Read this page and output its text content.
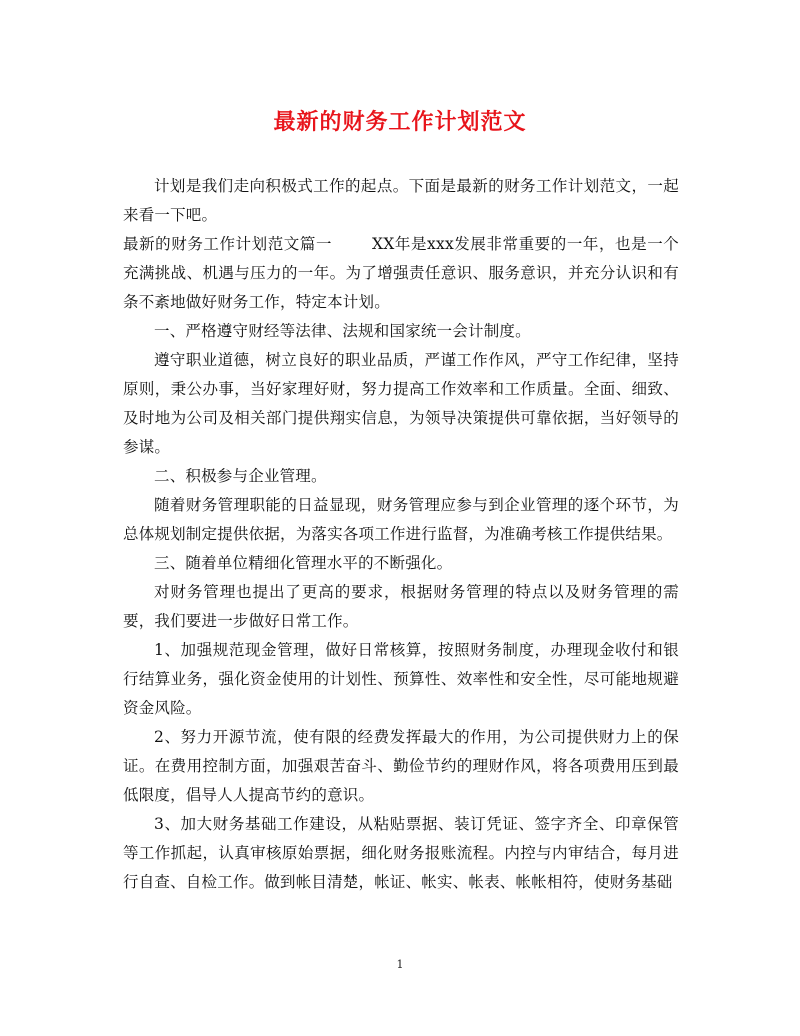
最新的财务工作计划范文

计划是我们走向积极式工作的起点。下面是最新的财务工作计划范文，一起来看一下吧。

最新的财务工作计划范文篇一	XX年是xxx发展非常重要的一年，也是一个充满挑战、机遇与压力的一年。为了增强责任意识、服务意识，并充分认识和有条不紊地做好财务工作，特定本计划。

一、严格遵守财经等法律、法规和国家统一会计制度。

遵守职业道德，树立良好的职业品质，严谨工作作风，严守工作纪律，坚持原则，秉公办事，当好家理好财，努力提高工作效率和工作质量。全面、细致、及时地为公司及相关部门提供翔实信息，为领导决策提供可靠依据，当好领导的参谋。

二、积极参与企业管理。

随着财务管理职能的日益显现，财务管理应参与到企业管理的逐个环节，为总体规划制定提供依据，为落实各项工作进行监督，为准确考核工作提供结果。

三、随着单位精细化管理水平的不断强化。

对财务管理也提出了更高的要求，根据财务管理的特点以及财务管理的需要，我们要进一步做好日常工作。

1、加强规范现金管理，做好日常核算，按照财务制度，办理现金收付和银行结算业务，强化资金使用的计划性、预算性、效率性和安全性，尽可能地规避资金风险。

2、努力开源节流，使有限的经费发挥最大的作用，为公司提供财力上的保证。在费用控制方面，加强艰苦奋斗、勤俭节约的理财作风，将各项费用压到最低限度，倡导人人提高节约的意识。

3、加大财务基础工作建设，从粘贴票据、装订凭证、签字齐全、印章保管等工作抓起，认真审核原始票据，细化财务报账流程。内控与内审结合，每月进行自查、自检工作。做到帐目清楚，帐证、帐实、帐表、帐帐相符，使财务基础

1
